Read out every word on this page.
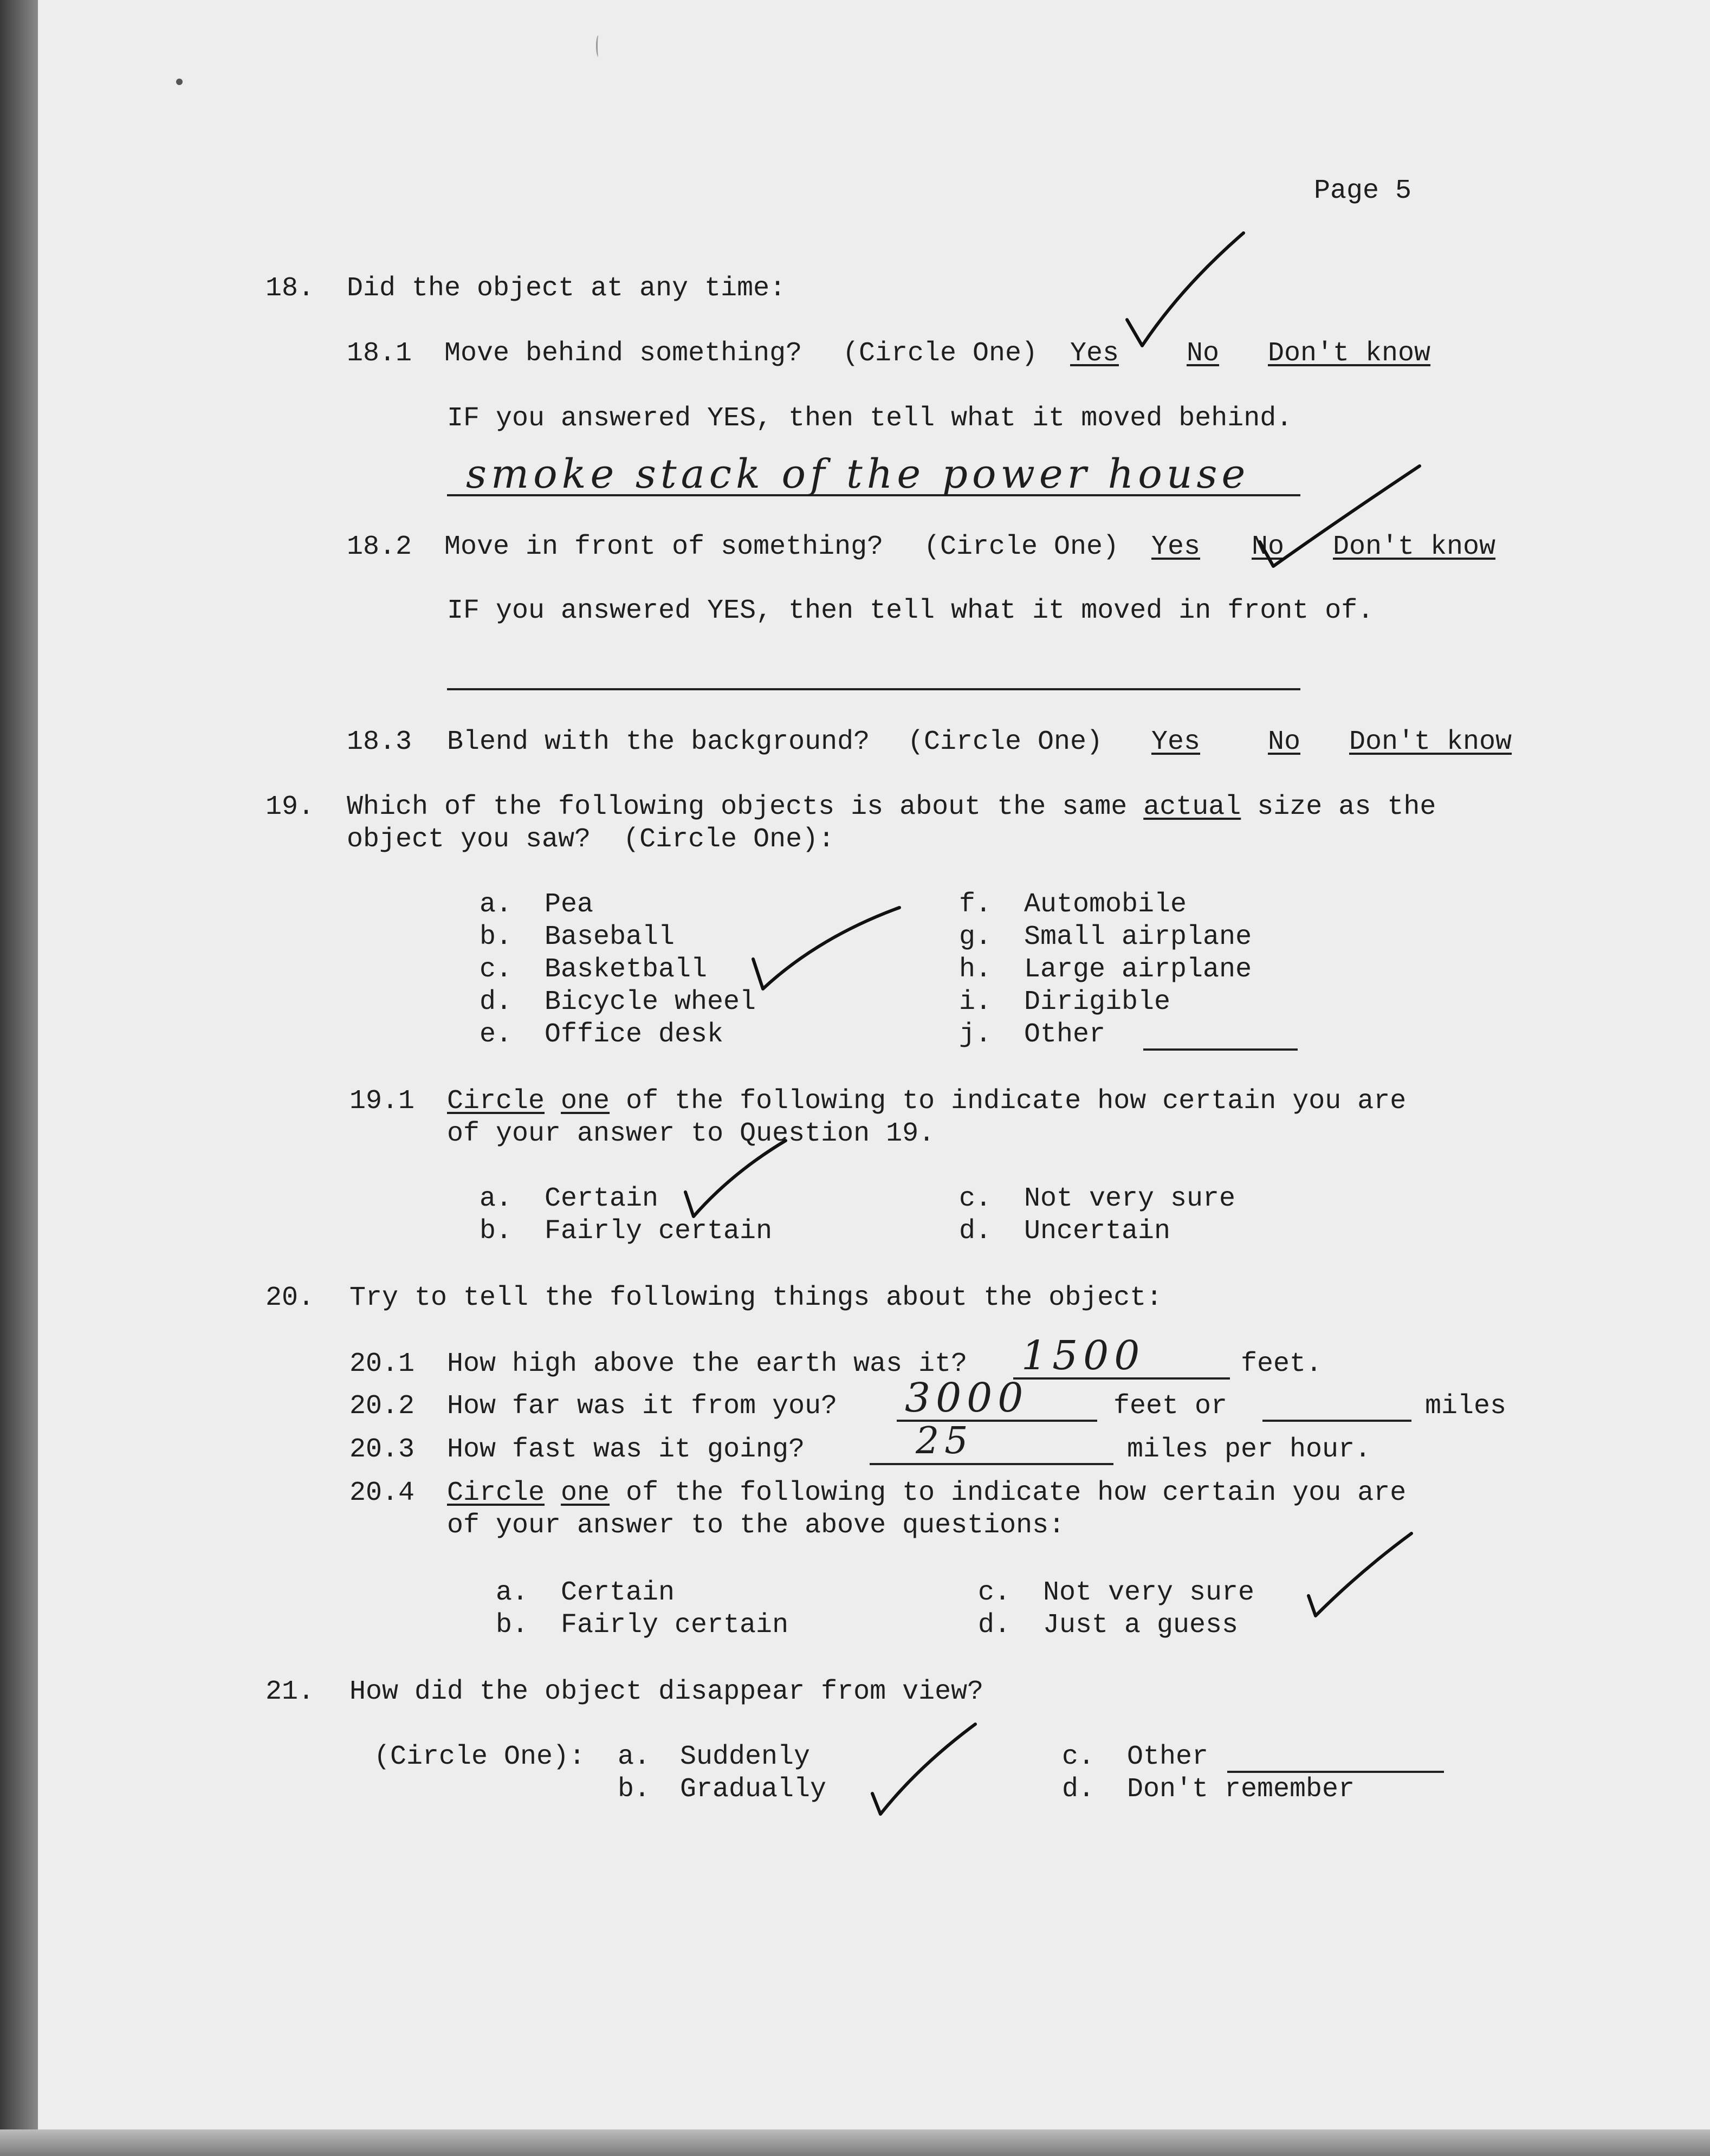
Page 5
18. Did the object at any time:
18.1 Move behind something? (Circle One) Yes No Don't know
IF you answered YES, then tell what it moved behind.
smoke stack of the power house
18.2 Move in front of something? (Circle One) Yes No Don't know
IF you answered YES, then tell what it moved in front of.
18.3 Blend with the background? (Circle One) Yes No Don't know
19. Which of the following objects is about the same actual size as the
object you saw?  (Circle One):
a. Pea
b. Baseball
c. Basketball
d. Bicycle wheel
e. Office desk
f. Automobile
g. Small airplane
h. Large airplane
i. Dirigible
j. Other
19.1 Circle one of the following to indicate how certain you are
of your answer to Question 19.
a. Certain
b. Fairly certain
c. Not very sure
d. Uncertain
20. Try to tell the following things about the object:
20.1 How high above the earth was it? 1500	feet.
20.2 How far was it from you? 3000	feet or	miles
20.3 How fast was it going?	25	miles per hour.
20.4 Circle one of the following to indicate how certain you are
of your answer to the above questions:
a. Certain
b. Fairly certain
c. Not very sure
d. Just a guess
21. How did the object disappear from view?
(Circle One): a. Suddenly
b. Gradually
c. Other
d. Don't remember
